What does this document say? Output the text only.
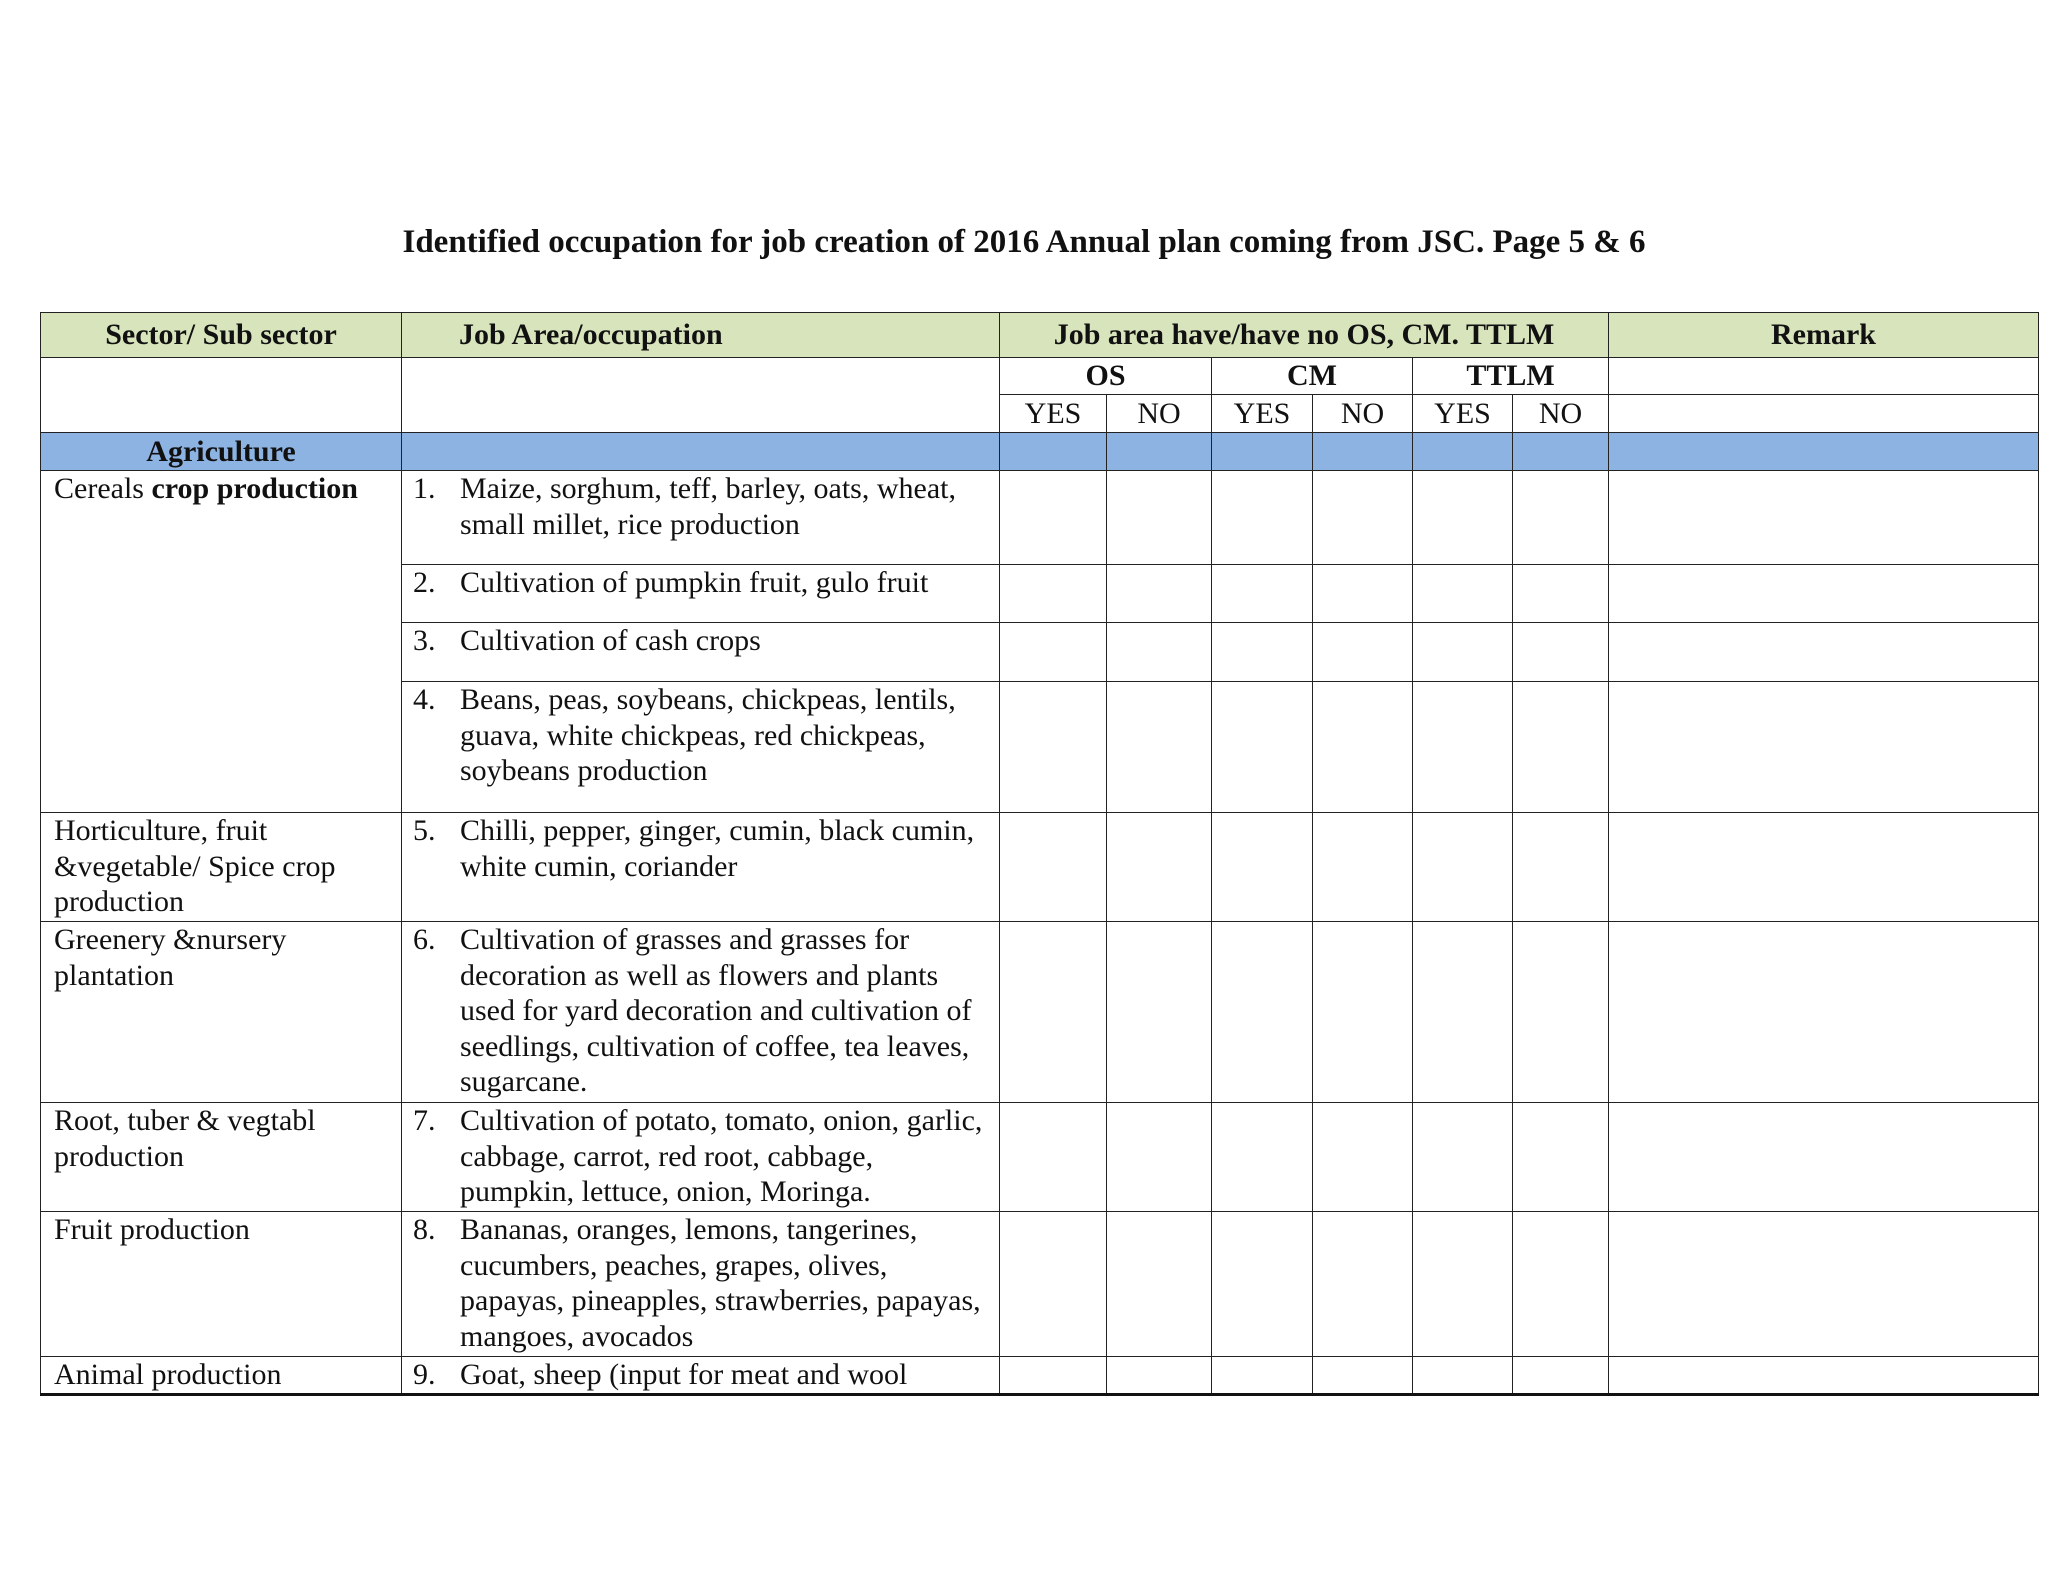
Identified occupation for job creation of 2016 Annual plan coming from JSC. Page 5 & 6
Sector/ Sub sector	Job Area/occupation	Job area have/have no OS, CM. TTLM						Remark
		OS		CM		TTLM		
		YES	NO	YES	NO	YES	NO	
Agriculture								
Cereals crop production	1. Maize, sorghum, teff, barley, oats, wheat, small millet, rice production							

	2. Cultivation of pumpkin fruit, gulo fruit							

	3. Cultivation of cash crops							

	4. Beans, peas, soybeans, chickpeas, lentils, guava, white chickpeas, red chickpeas, soybeans production							

Horticulture, fruit &vegetable/ Spice crop production	5. Chilli, pepper, ginger, cumin, black cumin, white cumin, coriander							

Greenery &nursery plantation	6. Cultivation of grasses and grasses for decoration as well as flowers and plants used for yard decoration and cultivation of seedlings, cultivation of coffee, tea leaves, sugarcane.							

Root, tuber & vegtabl production	7. Cultivation of potato, tomato, onion, garlic, cabbage, carrot, red root, cabbage, pumpkin, lettuce, onion, Moringa.							

Fruit production	8. Bananas, oranges, lemons, tangerines, cucumbers, peaches, grapes, olives, papayas, pineapples, strawberries, papayas, mangoes, avocados							

Animal production	9. Goat, sheep (input for meat and wool							
